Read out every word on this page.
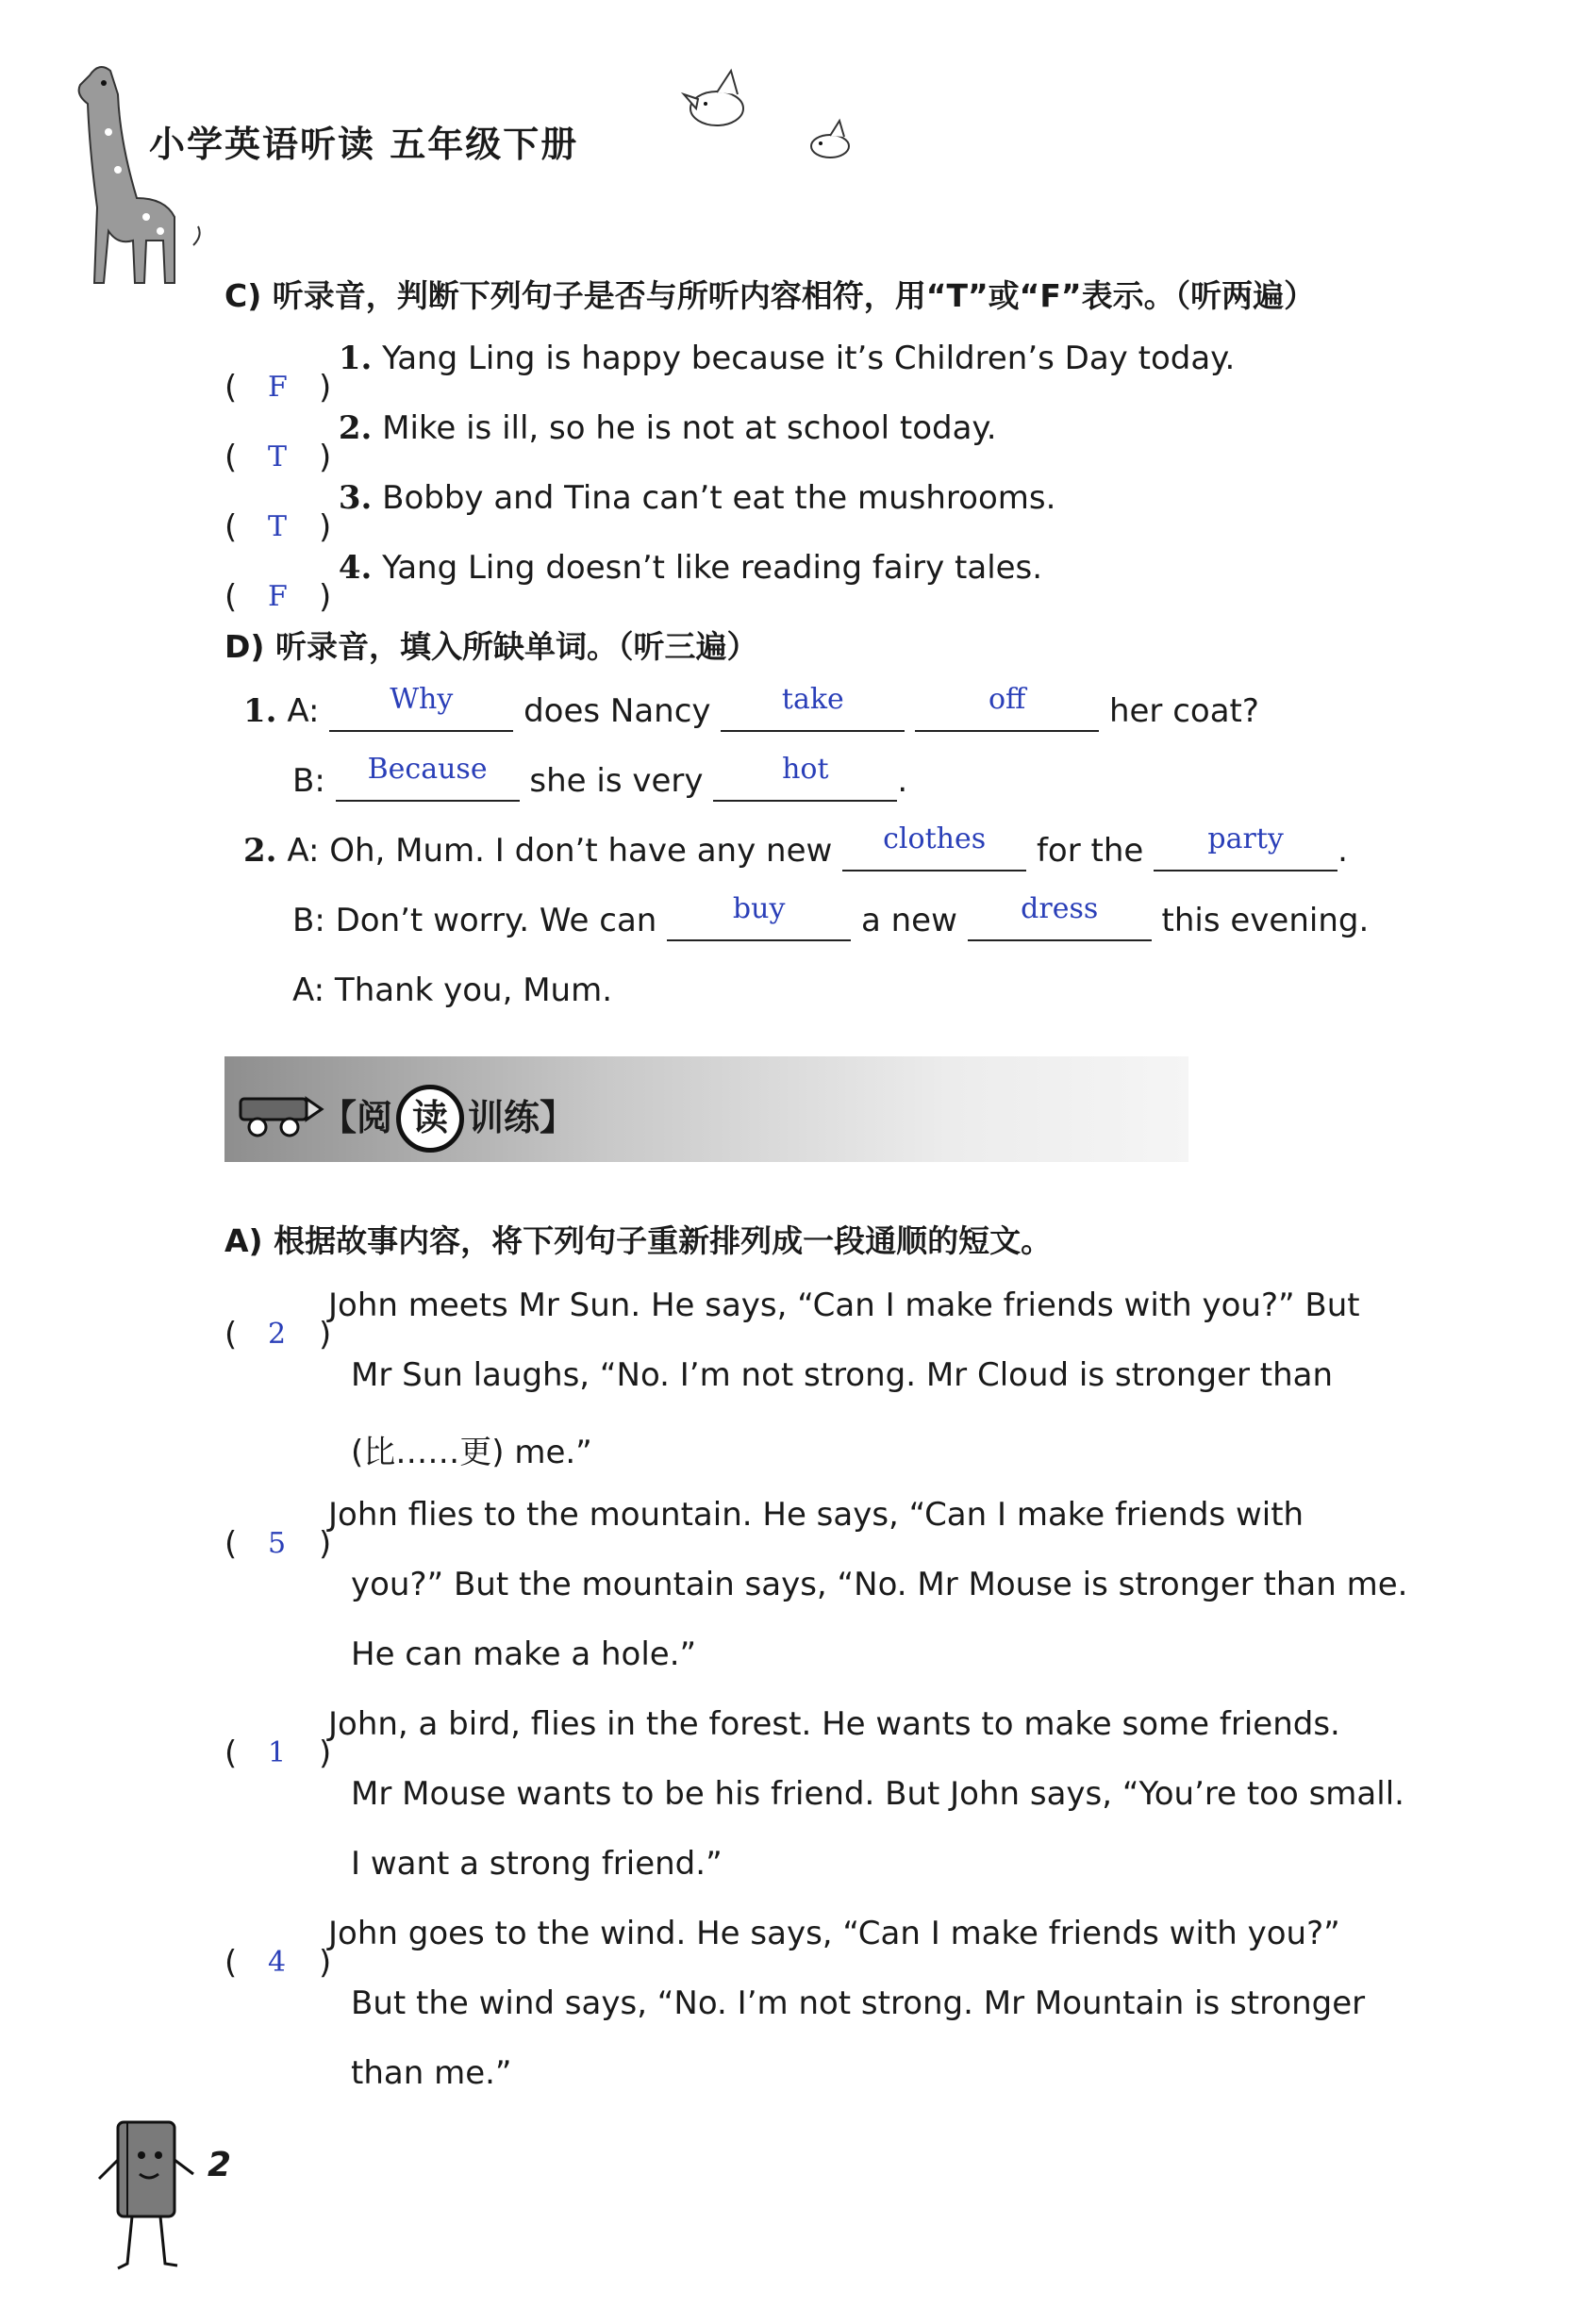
小学英语听读 五年级下册
C) 听录音，判断下列句子是否与所听内容相符，用“T”或“F”表示。（听两遍）
( F )
1. Yang Ling is happy because it’s Children’s Day today.
( T )
2. Mike is ill, so he is not at school today.
( T )
3. Bobby and Tina can’t eat the mushrooms.
( F )
4. Yang Ling doesn’t like reading fairy tales.
D) 听录音，填入所缺单词。（听三遍）
1. A: Why does Nancy	take	off	her coat?
B: Because she is very	hot .
2. A: Oh, Mum. I don’t have any new clothes for the party .
B: Don’t worry. We can	buy a new dress this evening.
A: Thank you, Mum.
【阅 读 训练】
A) 根据故事内容，将下列句子重新排列成一段通顺的短文。
( 2 )
John meets Mr Sun. He says, “Can I make friends with you?” But
Mr Sun laughs, “No. I’m not strong. Mr Cloud is stronger than
(比……更) me.”
( 5 )
John flies to the mountain. He says, “Can I make friends with
you?” But the mountain says, “No. Mr Mouse is stronger than me.
He can make a hole.”
( 1 )
John, a bird, flies in the forest. He wants to make some friends.
Mr Mouse wants to be his friend. But John says, “You’re too small.
I want a strong friend.”
( 4 )
John goes to the wind. He says, “Can I make friends with you?”
But the wind says, “No. I’m not strong. Mr Mountain is stronger
than me.”
2
